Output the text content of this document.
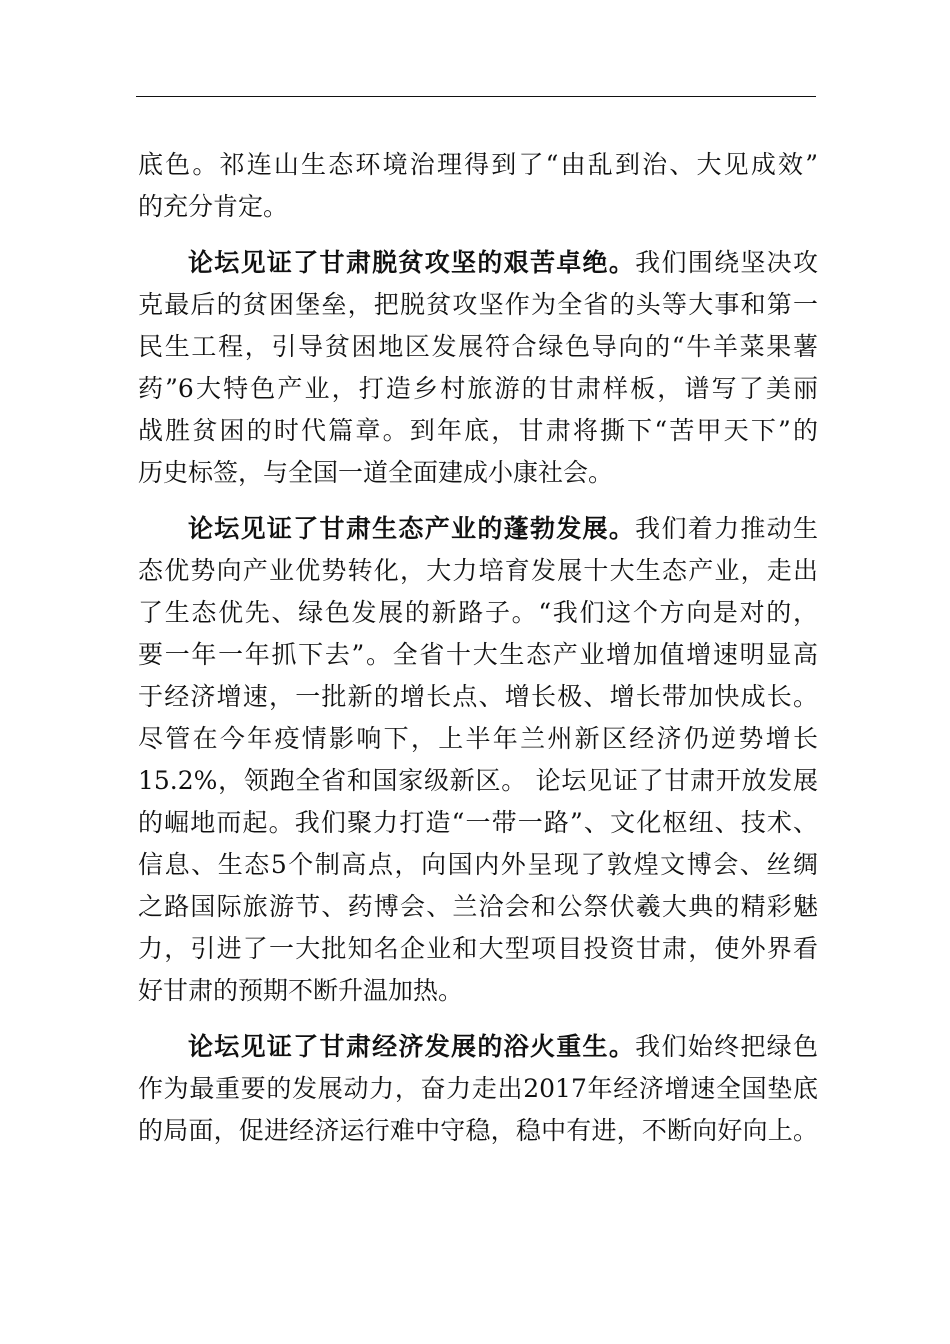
底色。祁连山生态环境治理得到了“由乱到治、大见成效”
的充分肯定。
论坛见证了甘肃脱贫攻坚的艰苦卓绝。我们围绕坚决攻
克最后的贫困堡垒，把脱贫攻坚作为全省的头等大事和第一
民生工程，引导贫困地区发展符合绿色导向的“牛羊菜果薯
药”6大特色产业，打造乡村旅游的甘肃样板，谱写了美丽
战胜贫困的时代篇章。到年底，甘肃将撕下“苦甲天下”的
历史标签，与全国一道全面建成小康社会。
论坛见证了甘肃生态产业的蓬勃发展。我们着力推动生
态优势向产业优势转化，大力培育发展十大生态产业，走出
了生态优先、绿色发展的新路子。“我们这个方向是对的，
要一年一年抓下去”。全省十大生态产业增加值增速明显高
于经济增速，一批新的增长点、增长极、增长带加快成长。
尽管在今年疫情影响下，上半年兰州新区经济仍逆势增长
15.2%，领跑全省和国家级新区。 论坛见证了甘肃开放发展
的崛地而起。我们聚力打造“一带一路”、文化枢纽、技术、
信息、生态5个制高点，向国内外呈现了敦煌文博会、丝绸
之路国际旅游节、药博会、兰洽会和公祭伏羲大典的精彩魅
力，引进了一大批知名企业和大型项目投资甘肃，使外界看
好甘肃的预期不断升温加热。
论坛见证了甘肃经济发展的浴火重生。我们始终把绿色
作为最重要的发展动力，奋力走出2017年经济增速全国垫底
的局面，促进经济运行难中守稳，稳中有进，不断向好向上。
